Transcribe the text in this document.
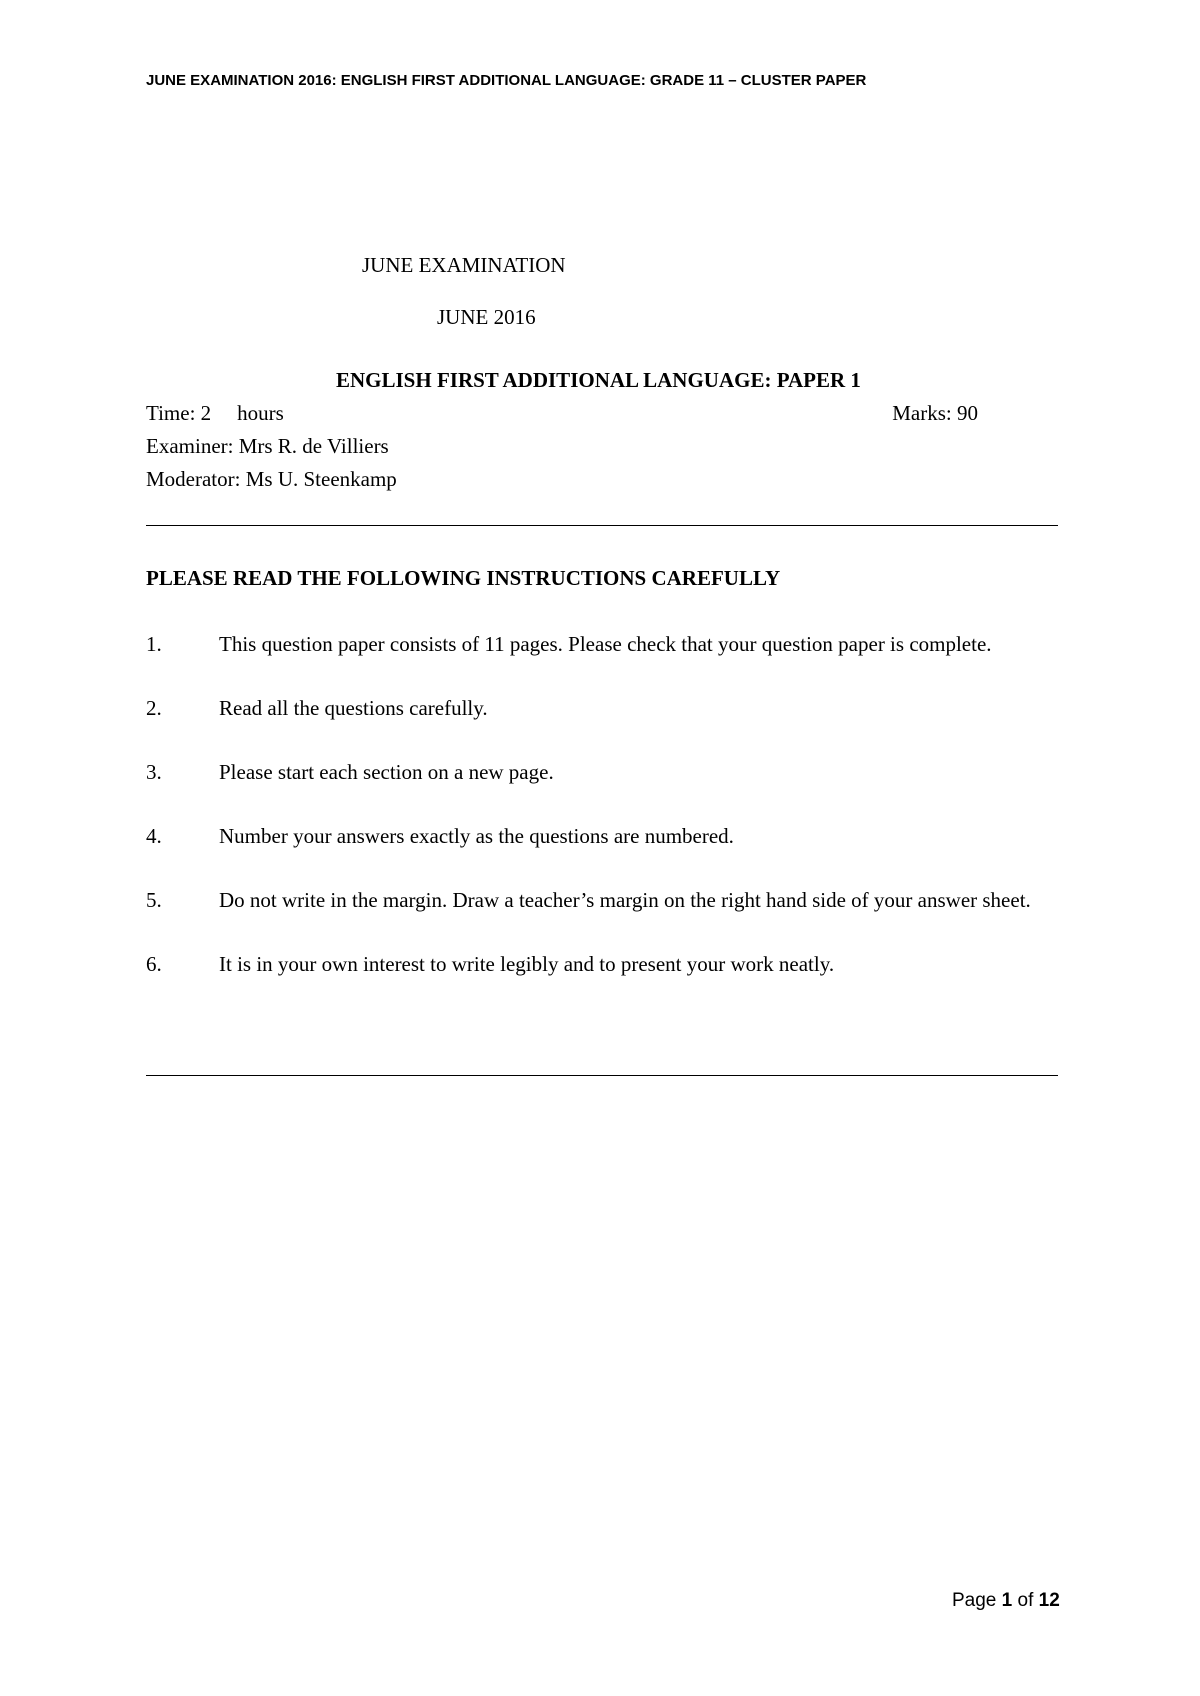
JUNE EXAMINATION 2016: ENGLISH FIRST ADDITIONAL LANGUAGE: GRADE 11 – CLUSTER PAPER
JUNE EXAMINATION
JUNE 2016
ENGLISH FIRST ADDITIONAL LANGUAGE: PAPER 1
Time: 2 hours	Marks: 90
Examiner: Mrs R. de Villiers
Moderator: Ms U. Steenkamp
PLEASE READ THE FOLLOWING INSTRUCTIONS CAREFULLY
1.	This question paper consists of 11 pages. Please check that your question paper is complete.
2.	Read all the questions carefully.
3.	Please start each section on a new page.
4.	Number your answers exactly as the questions are numbered.
5.	Do not write in the margin. Draw a teacher’s margin on the right hand side of your answer sheet.
6.	It is in your own interest to write legibly and to present your work neatly.
Page 1 of 12
